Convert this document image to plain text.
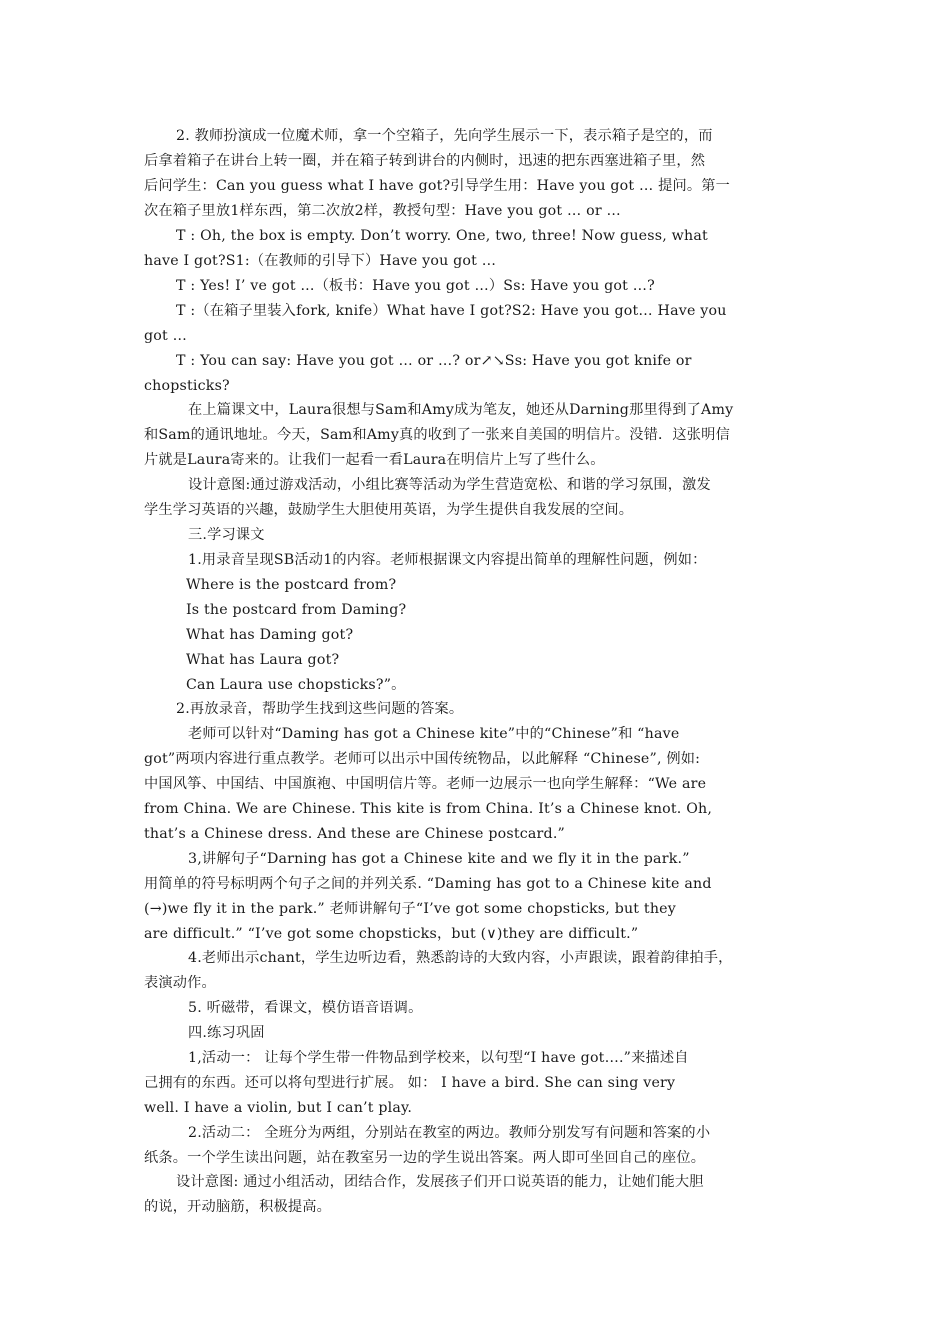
2. 教师扮演成一位魔术师，拿一个空箱子，先向学生展示一下，表示箱子是空的，而
后拿着箱子在讲台上转一圈，并在箱子转到讲台的内侧时，迅速的把东西塞进箱子里，然
后问学生：Can you guess what I have got?引导学生用：Have you got … 提问。第一
次在箱子里放1样东西，第二次放2样，教授句型：Have you got … or …
T : Oh, the box is empty. Don’t worry. One, two, three! Now guess, what
have I got?S1:（在教师的引导下）Have you got …
T : Yes! I’ ve got ...（板书：Have you got …）Ss: Have you got …?
T :（在箱子里装入fork, knife）What have I got?S2: Have you got… Have you
got …
T : You can say: Have you got … or …? or↗↘Ss: Have you got knife or
chopsticks?
在上篇课文中，Laura很想与Sam和Amy成为笔友，她还从Darning那里得到了Amy
和Sam的通讯地址。今天，Sam和Amy真的收到了一张来自美国的明信片。没错．这张明信
片就是Laura寄来的。让我们一起看一看Laura在明信片上写了些什么。
设计意图:通过游戏活动，小组比赛等活动为学生营造宽松、和谐的学习氛围，激发
学生学习英语的兴趣，鼓励学生大胆使用英语，为学生提供自我发展的空间。
三.学习课文
1.用录音呈现SB活动1的内容。老师根据课文内容提出简单的理解性问题，例如：
Where is the postcard from?
Is the postcard from Daming?
What has Daming got?
What has Laura got?
Can Laura use chopsticks?”。
2.再放录音，帮助学生找到这些问题的答案。
老师可以针对“Daming has got a Chinese kite”中的“Chinese”和 “have
got”两项内容进行重点教学。老师可以出示中国传统物品，以此解释 “Chinese”, 例如:
中国风筝、中国结、中国旗袍、中国明信片等。老师一边展示一也向学生解释：“We are
from China. We are Chinese. This kite is from China. It’s a Chinese knot. Oh,
that’s a Chinese dress. And these are Chinese postcard.”
3,讲解句子“Darning has got a Chinese kite and we fly it in the park.”
用简单的符号标明两个句子之间的并列关系. “Daming has got to a Chinese kite and
(→)we fly it in the park.” 老师讲解句子“I’ve got some chopsticks, but they
are difficult.” “I’ve got some chopsticks，but (∨)they are difficult.”
4.老师出示chant，学生边听边看，熟悉韵诗的大致内容，小声跟读，跟着韵律拍手，
表演动作。
5. 听磁带，看课文，模仿语音语调。
四.练习巩固
1,活动一： 让每个学生带一件物品到学校来，以句型“I have got….”来描述自
己拥有的东西。还可以将句型进行扩展。 如： I have a bird. She can sing very
well. I have a violin, but I can’t play.
2.活动二： 全班分为两组，分别站在教室的两边。教师分别发写有问题和答案的小
纸条。一个学生读出问题，站在教室另一边的学生说出答案。两人即可坐回自己的座位。
设计意图: 通过小组活动，团结合作，发展孩子们开口说英语的能力，让她们能大胆
的说，开动脑筋，积极提高。
